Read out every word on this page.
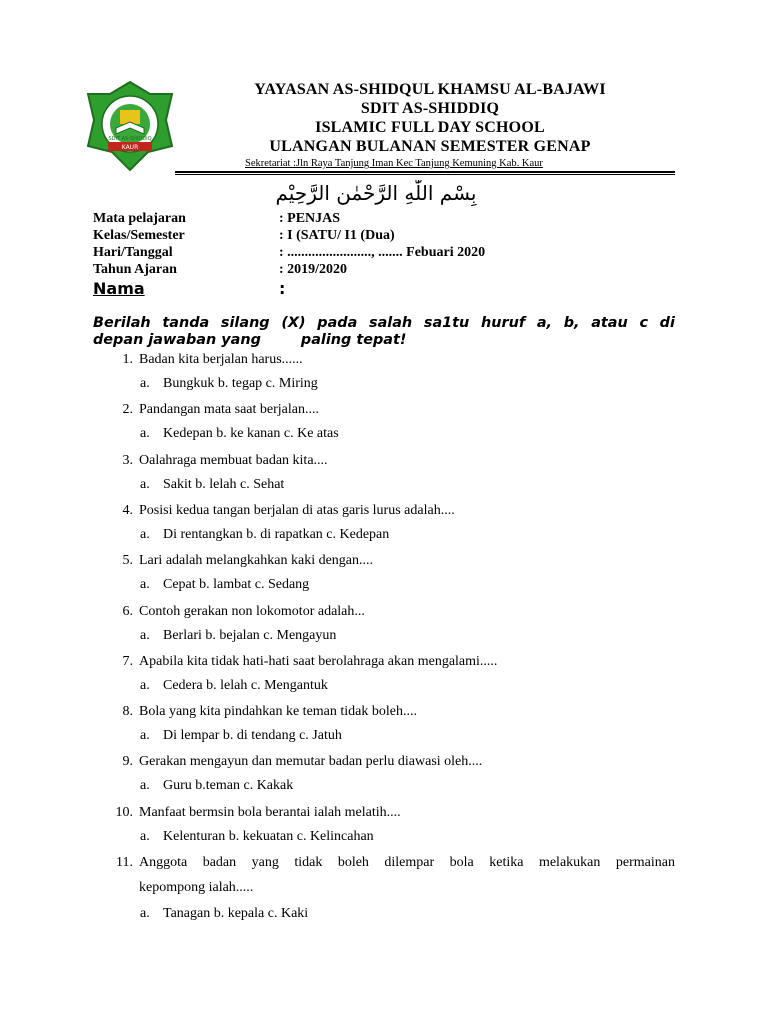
KAUR
SDIT AS-SHIDDIQ
YAYASAN AS-SHIDQUL KHAMSU AL-BAJAWI
SDIT AS-SHIDDIQ
ISLAMIC FULL DAY SCHOOL
ULANGAN BULANAN SEMESTER GENAP
Sekretariat :Jln Raya Tanjung Iman Kec Tanjung Kemuning Kab. Kaur
بِسْمِ اللّٰهِ الرَّحْمٰنِ الرَّحِيْمِ
Mata pelajaran	: PENJAS
Kelas/Semester	: I (SATU/ I1 (Dua)
Hari/Tanggal	: ........................, ....... Febuari 2020
Tahun Ajaran	: 2019/2020
Nama	:
Berilah tanda silang (X) pada salah sa1tu huruf a, b, atau c di
depan jawaban yang	paling tepat!
1. Badan kita berjalan harus......
a. Bungkuk b. tegap c. Miring
2. Pandangan mata saat berjalan....
a. Kedepan b. ke kanan c. Ke atas
3. Oalahraga membuat badan kita....
a. Sakit b. lelah c. Sehat
4. Posisi kedua tangan berjalan di atas garis lurus adalah....
a. Di rentangkan b. di rapatkan c. Kedepan
5. Lari adalah melangkahkan kaki dengan....
a. Cepat b. lambat c. Sedang
6. Contoh gerakan non lokomotor adalah...
a. Berlari b. bejalan c. Mengayun
7. Apabila kita tidak hati-hati saat berolahraga akan mengalami.....
a. Cedera b. lelah c. Mengantuk
8. Bola yang kita pindahkan ke teman tidak boleh....
a. Di lempar b. di tendang c. Jatuh
9. Gerakan mengayun dan memutar badan perlu diawasi oleh....
a. Guru b.teman c. Kakak
10. Manfaat bermsin bola berantai ialah melatih....
a. Kelenturan b. kekuatan c. Kelincahan
11. Anggota badan yang tidak boleh dilempar bola ketika melakukan permainan
kepompong ialah.....
a. Tanagan b. kepala c. Kaki
